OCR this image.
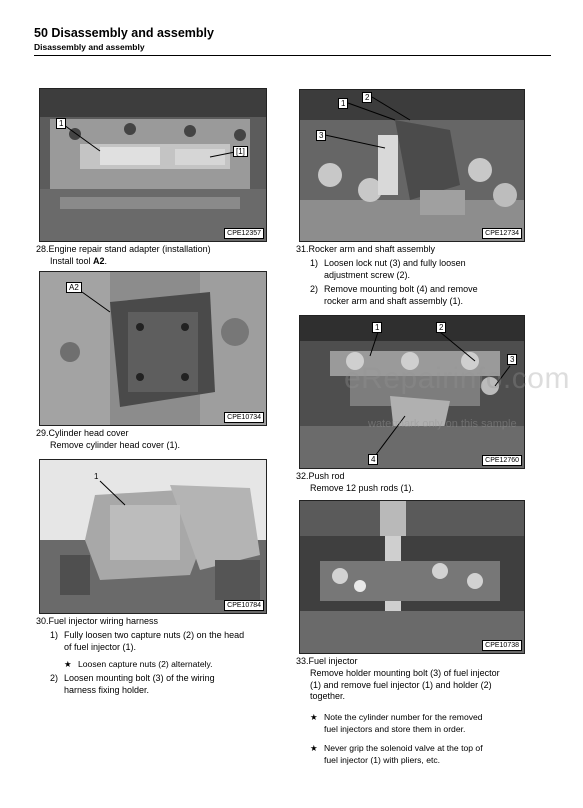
50 Disassembly and assembly
Disassembly and assembly
1
[1]
CPE12357
28.Engine repair stand adapter (installation)
Install tool A2.
A2
CPE10734
29.Cylinder head cover
Remove cylinder head cover (1).
1
CPE10784
30.Fuel injector wiring harness
1) Fully loosen two capture nuts (2) on the head
of fuel injector (1).
★ Loosen capture nuts (2) alternately.
2) Loosen mounting bolt (3) of the wiring
harness fixing holder.
1
2
3
CPE12734
31.Rocker arm and shaft assembly
1) Loosen lock nut (3) and fully loosen
adjustment screw (2).
2) Remove mounting bolt (4) and remove
rocker arm and shaft assembly (1).
1	2
3
4	CPE12760
32.Push rod
Remove 12 push rods (1).
CPE10738
33.Fuel injector
Remove holder mounting bolt (3) of fuel injector
(1) and remove fuel injector (1) and holder (2)
together.
★ Note the cylinder number for the removed
fuel injectors and store them in order.
★ Never grip the solenoid valve at the top of
fuel injector (1) with pliers, etc.
eRepairinfo.com
watermark only on this sample
